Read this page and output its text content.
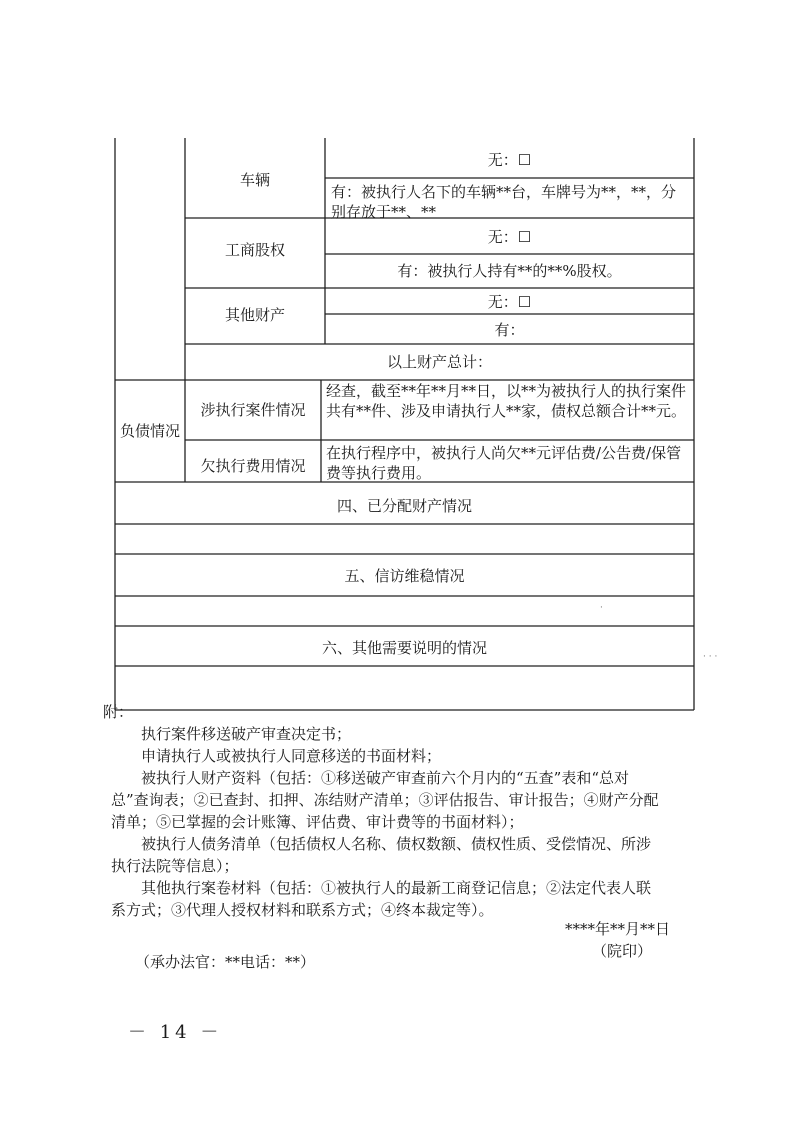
车辆
无：☐
有：被执行人名下的车辆**台，车牌号为**，**，分别存放于**、**
工商股权
无：☐
有：被执行人持有**的**%股权。
其他财产
无：☐
有：
以上财产总计：
负债情况
涉执行案件情况
经查，截至**年**月**日，以**为被执行人的执行案件共有**件、涉及申请执行人**家，债权总额合计**元。
欠执行费用情况
在执行程序中，被执行人尚欠**元评估费/公告费/保管费等执行费用。
四、已分配财产情况
五、信访维稳情况
六、其他需要说明的情况
·
· · ·
附：

执行案件移送破产审查决定书；

申请执行人或被执行人同意移送的书面材料；

被执行人财产资料（包括：①移送破产审查前六个月内的“五查”表和“总对总”查询表；②已查封、扣押、冻结财产清单；③评估报告、审计报告；④财产分配清单；⑤已掌握的会计账簿、评估费、审计费等的书面材料）；

被执行人债务清单（包括债权人名称、债权数额、债权性质、受偿情况、所涉执行法院等信息）；

其他执行案卷材料（包括：①被执行人的最新工商登记信息；②法定代表人联系方式；③代理人授权材料和联系方式；④终本裁定等）。

****年**月**日
（院印）
（承办法官：**电话：**）
－ 14 －
